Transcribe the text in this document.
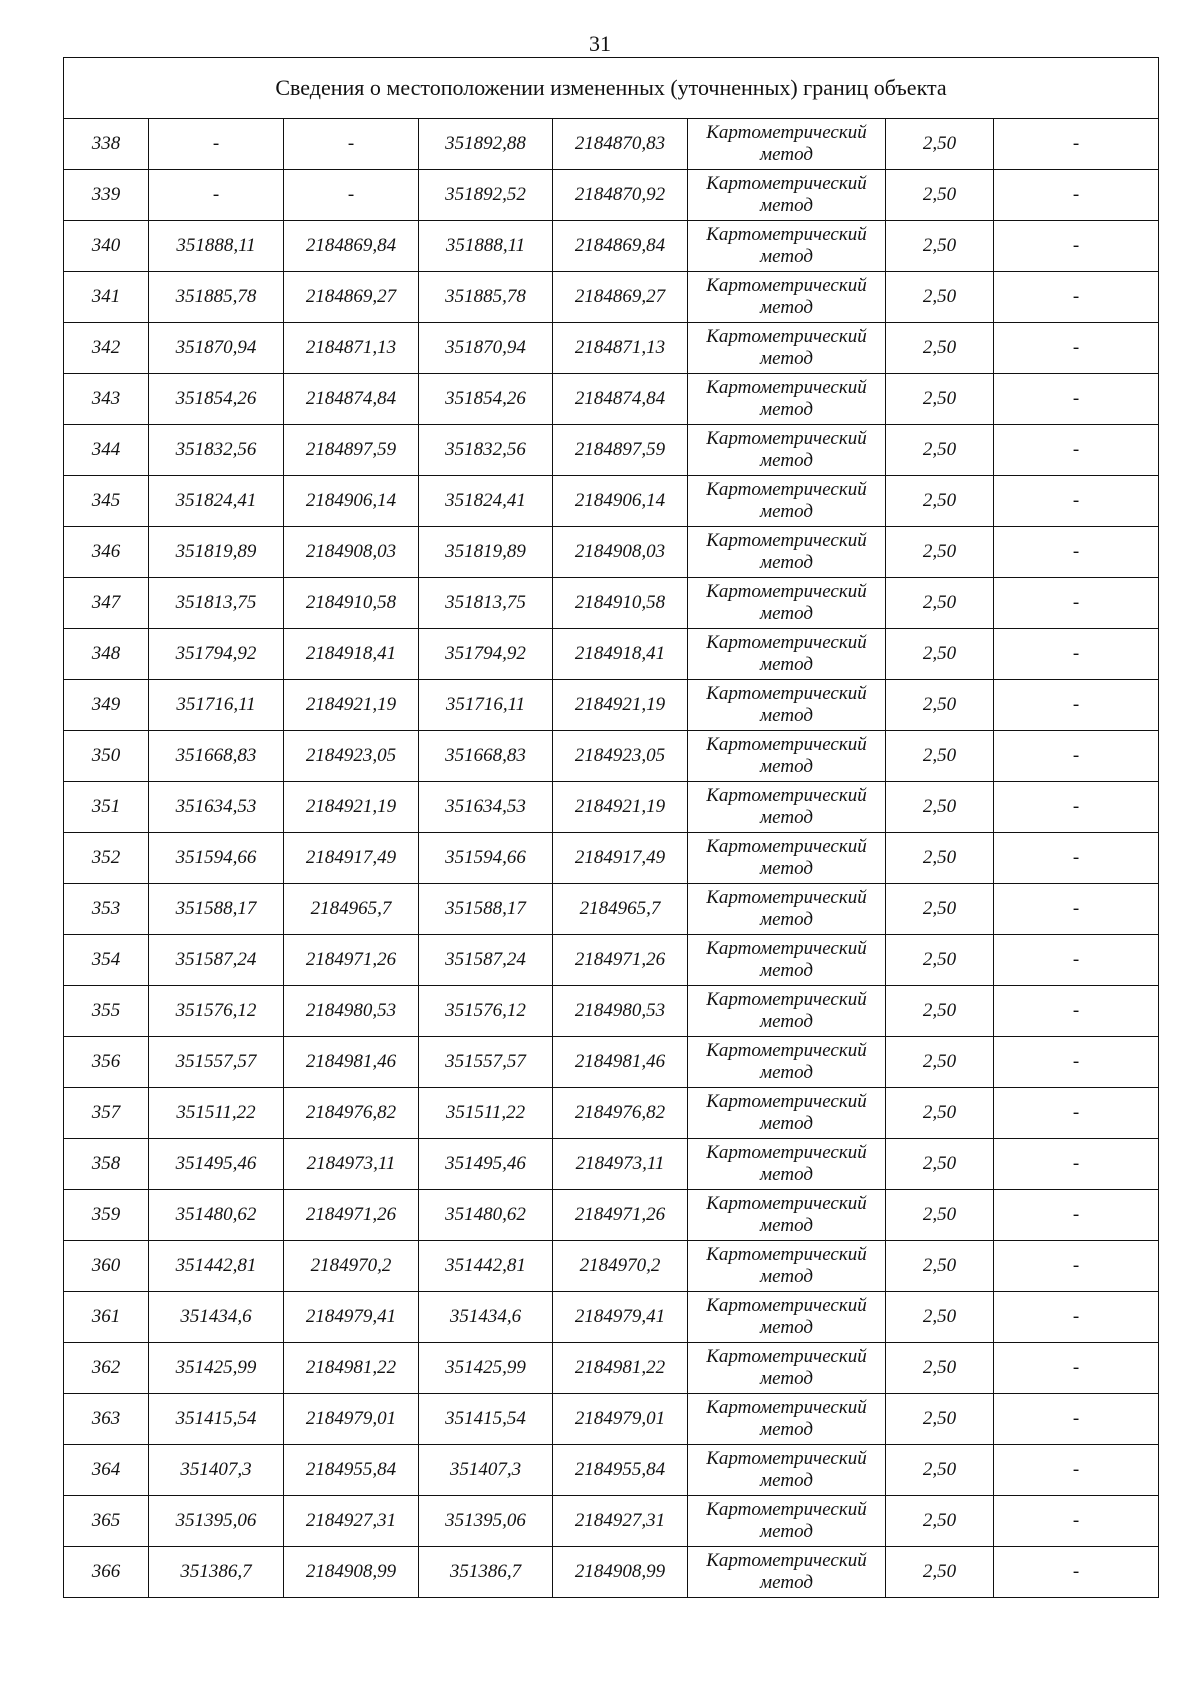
31
Сведения о местоположении измененных (уточненных) границ объекта							
338	-	-	351892,88	2184870,83	Картометрический метод	2,50	-
339	-	-	351892,52	2184870,92	Картометрический метод	2,50	-
340	351888,11	2184869,84	351888,11	2184869,84	Картометрический метод	2,50	-
341	351885,78	2184869,27	351885,78	2184869,27	Картометрический метод	2,50	-
342	351870,94	2184871,13	351870,94	2184871,13	Картометрический метод	2,50	-
343	351854,26	2184874,84	351854,26	2184874,84	Картометрический метод	2,50	-
344	351832,56	2184897,59	351832,56	2184897,59	Картометрический метод	2,50	-
345	351824,41	2184906,14	351824,41	2184906,14	Картометрический метод	2,50	-
346	351819,89	2184908,03	351819,89	2184908,03	Картометрический метод	2,50	-
347	351813,75	2184910,58	351813,75	2184910,58	Картометрический метод	2,50	-
348	351794,92	2184918,41	351794,92	2184918,41	Картометрический метод	2,50	-
349	351716,11	2184921,19	351716,11	2184921,19	Картометрический метод	2,50	-
350	351668,83	2184923,05	351668,83	2184923,05	Картометрический метод	2,50	-
351	351634,53	2184921,19	351634,53	2184921,19	Картометрический метод	2,50	-
352	351594,66	2184917,49	351594,66	2184917,49	Картометрический метод	2,50	-
353	351588,17	2184965,7	351588,17	2184965,7	Картометрический метод	2,50	-
354	351587,24	2184971,26	351587,24	2184971,26	Картометрический метод	2,50	-
355	351576,12	2184980,53	351576,12	2184980,53	Картометрический метод	2,50	-
356	351557,57	2184981,46	351557,57	2184981,46	Картометрический метод	2,50	-
357	351511,22	2184976,82	351511,22	2184976,82	Картометрический метод	2,50	-
358	351495,46	2184973,11	351495,46	2184973,11	Картометрический метод	2,50	-
359	351480,62	2184971,26	351480,62	2184971,26	Картометрический метод	2,50	-
360	351442,81	2184970,2	351442,81	2184970,2	Картометрический метод	2,50	-
361	351434,6	2184979,41	351434,6	2184979,41	Картометрический метод	2,50	-
362	351425,99	2184981,22	351425,99	2184981,22	Картометрический метод	2,50	-
363	351415,54	2184979,01	351415,54	2184979,01	Картометрический метод	2,50	-
364	351407,3	2184955,84	351407,3	2184955,84	Картометрический метод	2,50	-
365	351395,06	2184927,31	351395,06	2184927,31	Картометрический метод	2,50	-
366	351386,7	2184908,99	351386,7	2184908,99	Картометрический метод	2,50	-
